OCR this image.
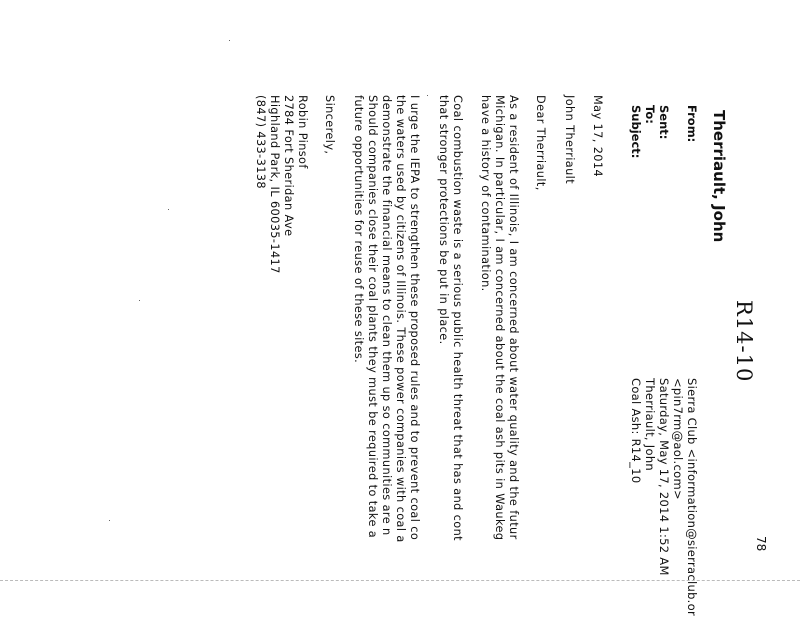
78
R14-10
Therriault, John
From:
Sierra Club <information@sierraclub.or
<pin7rm@aol.com>
Sent:
Saturday, May 17, 2014 1:52 AM
To:
Therriault, John
Subject:
Coal Ash: R14_10
May 17, 2014
John Therriault
Dear Therriault,
As a resident of Illinois, I am concerned about water quality and the futur
Michigan. In particular, I am concerned about the coal ash pits in Waukeg
have a history of contamination.
Coal combustion waste is a serious public health threat that has and cont
that stronger protections be put in place.
I urge the IEPA to strengthen these proposed rules and to prevent coal co
the waters used by citizens of Illinois. These power companies with coal a
demonstrate the financial means to clean them up so communities are n
Should companies close their coal plants they must be required to take a
future opportunities for reuse of these sites.
Sincerely,
Robin Pinsof
2784 Fort Sheridan Ave
Highland Park, IL 60035-1417
(847) 433-3138
